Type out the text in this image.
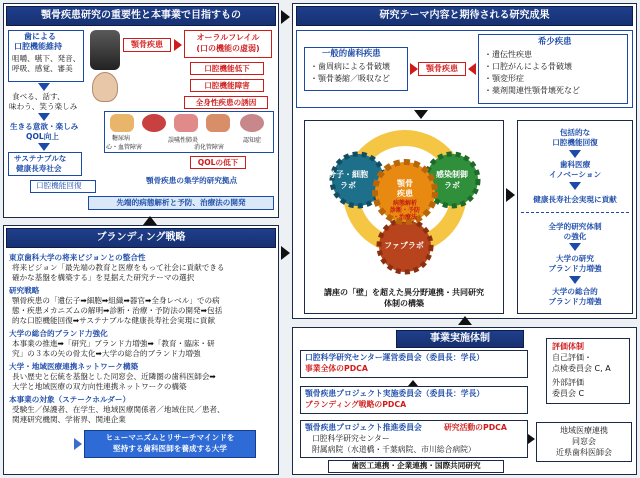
顎骨疾患研究の重要性と本事業で目指すもの
歯による
口腔機能維持
咀嚼、嚥下、発音、
呼吸、感覚、審美
食べる、話す、
味わう、笑う楽しみ
生きる意欲・楽しみ
QOL向上
サステナブルな
健康長寿社会
口腔機能回復
顎骨疾患
オーラルフレイル
(口の機能の虚弱)
口腔機能低下
口腔機能障害
全身性疾患の誘因
糖尿病
心・血管障害
誤嚥性肺炎
消化管障害
認知症
QOLの低下
顎骨疾患の集学的研究拠点
先端的病態解析と予防、治療法の開発
ブランディング戦略
東京歯科大学の将来ビジョンとの整合性
将来ビジョン「最先端の教育と医療をもって社会に貢献できる
確かな基盤を構築する」を見据えた研究テーマの選択
研究戦略
顎骨疾患の「遺伝子➡細胞➡組織➡器官➡全身レベル」での病
態・疾患メカニズムの解明➡診断・治療・予防法の開発➡包括
的な口腔機能回復➡サステナブルな健康長寿社会実現に貢献
大学の総合的ブランド力強化
本事業の推進➡「研究」ブランド力増強➡「教育・臨床・研
究」の３本の矢の骨太化➡大学の総合的ブランド力増強
大学・地域医療連携ネットワーク構築
長い歴史と伝統を基盤とした同窓会、近隣圏の歯科医師会➡
大学と地域医療の双方向性連携ネットワークの構築
本事業の対象（ステークホルダー）
受験生／保護者、在学生、地域医療関係者／地域住民／患者、
関連研究機関、学術界、関連企業
ヒューマニズムとリサーチマインドを
堅持する歯科医師を養成する大学
研究テーマ内容と期待される研究成果
一般的歯科疾患
・歯周病による骨破壊
・顎骨萎縮／吸収など
顎骨疾患
希少疾患
・遺伝性疾患
・口腔がんによる骨破壊
・顎変形症
・薬剤関連性顎骨壊死など
分子・細胞
ラボ
感染制御
ラボ
ファブラボ
顎骨
疾患
病態解析
診断・予防
・治療法
講座の「壁」を超えた異分野連携・共同研究
体制の構築
包括的な
口腔機能回復
歯科医療
イノベーション
健康長寿社会実現に貢献
全学的研究体制
の強化
大学の研究
ブランド力増強
大学の総合的
ブランド力増強
事業実施体制
口腔科学研究センター運営委員会（委員長：学長）
事業全体のPDCA
顎骨疾患プロジェクト実施委員会（委員長：学長）
ブランディング戦略のPDCA
顎骨疾患プロジェクト推進委員会	研究活動のPDCA
口腔科学研究センター
附属病院（水道橋・千葉病院、市川総合病院）
歯医工連携・企業連携・国際共同研究
評価体制
自己評価・
点検委員会 C, A
外部評価
委員会 C
地域医療連携
同窓会
近県歯科医師会
